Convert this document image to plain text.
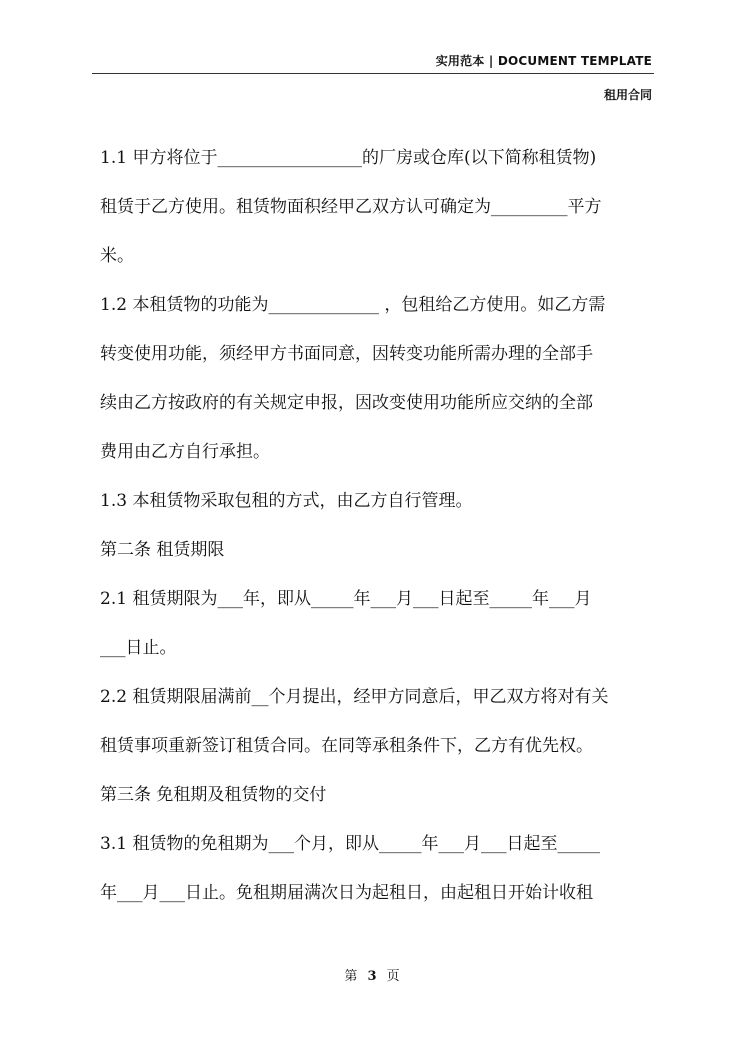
实用范本 | DOCUMENT TEMPLATE
租用合同
1.1 甲方将位于_________________的厂房或仓库(以下简称租赁物)
租赁于乙方使用。租赁物面积经甲乙双方认可确定为_________平方
米。
1.2 本租赁物的功能为_____________ ，包租给乙方使用。如乙方需
转变使用功能，须经甲方书面同意，因转变功能所需办理的全部手
续由乙方按政府的有关规定申报，因改变使用功能所应交纳的全部
费用由乙方自行承担。
1.3 本租赁物采取包租的方式，由乙方自行管理。
第二条 租赁期限
2.1 租赁期限为___年，即从_____年___月___日起至_____年___月
___日止。
2.2 租赁期限届满前__个月提出，经甲方同意后，甲乙双方将对有关
租赁事项重新签订租赁合同。在同等承租条件下，乙方有优先权。
第三条 免租期及租赁物的交付
3.1 租赁物的免租期为___个月，即从_____年___月___日起至_____
年___月___日止。免租期届满次日为起租日，由起租日开始计收租
第 3 页
